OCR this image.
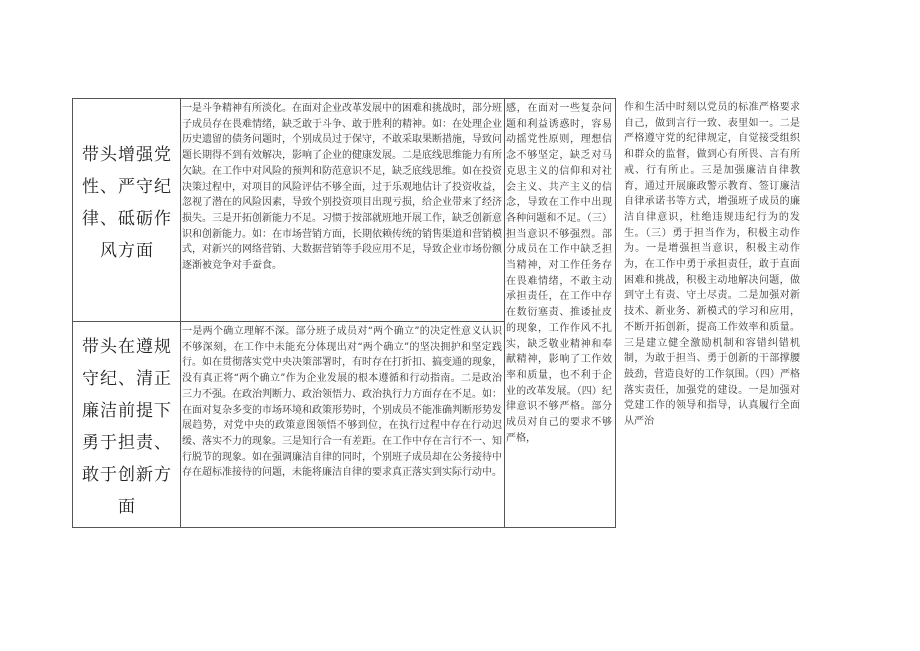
带头增强党性、严守纪律、砥砺作风方面
带头在遵规守纪、清正廉洁前提下勇于担责、敢于创新方面
一是斗争精神有所淡化。在面对企业改革发展中的困难和挑战时，部分班子成员存在畏难情绪，缺乏敢于斗争、敢于胜利的精神。如：在处理企业历史遗留的债务问题时，个别成员过于保守，不敢采取果断措施，导致问题长期得不到有效解决，影响了企业的健康发展。二是底线思维能力有所欠缺。在工作中对风险的预判和防范意识不足，缺乏底线思维。如在投资决策过程中，对项目的风险评估不够全面，过于乐观地估计了投资收益，忽视了潜在的风险因素，导致个别投资项目出现亏损，给企业带来了经济损失。三是开拓创新能力不足。习惯于按部就班地开展工作，缺乏创新意识和创新能力。如：在市场营销方面，长期依赖传统的销售渠道和营销模式，对新兴的网络营销、大数据营销等手段应用不足，导致企业市场份额逐渐被竞争对手蚕食。
一是两个确立理解不深。部分班子成员对“两个确立”的决定性意义认识不够深刻，在工作中未能充分体现出对“两个确立”的坚决拥护和坚定践行。如在贯彻落实党中央决策部署时，有时存在打折扣、搞变通的现象，没有真正将“两个确立”作为企业发展的根本遵循和行动指南。二是政治三力不强。在政治判断力、政治领悟力、政治执行力方面存在不足。如：在面对复杂多变的市场环境和政策形势时，个别成员不能准确判断形势发展趋势，对党中央的政策意图领悟不够到位，在执行过程中存在行动迟缓、落实不力的现象。三是知行合一有差距。在工作中存在言行不一、知行脱节的现象。如在强调廉洁自律的同时，个别班子成员却在公务接待中存在超标准接待的问题，未能将廉洁自律的要求真正落实到实际行动中。
感，在面对一些复杂问题和利益诱惑时，容易动摇党性原则，理想信念不够坚定，缺乏对马克思主义的信仰和对社会主义、共产主义的信念，导致在工作中出现各种问题和不足。（三）担当意识不够强烈。部分成员在工作中缺乏担当精神，对工作任务存在畏难情绪，不敢主动承担责任，在工作中存在数衍塞责、推诿扯皮的现象，工作作风不扎实，缺乏敬业精神和奉献精神，影响了工作效率和质量，也不利于企业的改革发展。（四）纪律意识不够严格。部分成员对自己的要求不够严格，
作和生活中时刻以党员的标准严格要求自己，做到言行一致、表里如一。二是严格遵守党的纪律规定，自觉接受组织和群众的监督，做到心有所畏、言有所戒、行有所止。三是加强廉洁自律教育，通过开展廉政警示教育、签订廉洁自律承诺书等方式，增强班子成员的廉洁自律意识，杜绝违规违纪行为的发生。（三）勇于担当作为，积极主动作为。一是增强担当意识，积极主动作为，在工作中勇于承担责任，敢于直面困难和挑战，积极主动地解决问题，做到守土有责、守土尽责。二是加强对新技术、新业务、新模式的学习和应用，不断开拓创新，提高工作效率和质量。三是建立健全激励机制和容错纠错机制，为敢于担当、勇于创新的干部撑腰鼓劲，营造良好的工作氛围。（四）严格落实责任，加强党的建设。一是加强对党建工作的领导和指导，认真履行全面从严治
